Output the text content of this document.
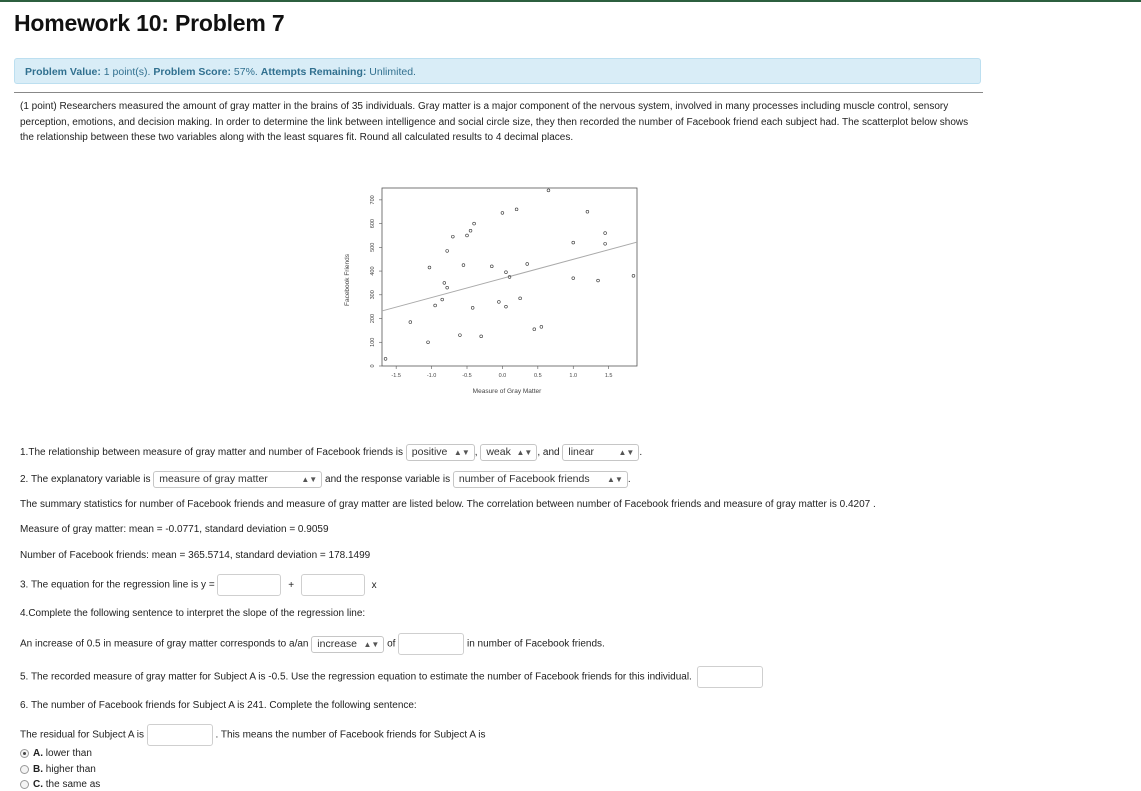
Homework 10: Problem 7
Problem Value: 1 point(s). Problem Score: 57%. Attempts Remaining: Unlimited.
(1 point) Researchers measured the amount of gray matter in the brains of 35 individuals. Gray matter is a major component of the nervous system, involved in many processes including muscle control, sensory perception, emotions, and decision making. In order to determine the link between intelligence and social circle size, they then recorded the number of Facebook friend each subject had. The scatterplot below shows the relationship between these two variables along with the least squares fit. Round all calculated results to 4 decimal places.
Facebook Friends
Measure of Gray Matter
-1.5	-1.0	-0.5	0.0	0.5	1.0	1.5
0
100
200
300
400
500
600
700
1.The relationship between measure of gray matter and number of Facebook friends is positive ▲▼ , weak ▲▼ , and linear	▲▼ .
2. The explanatory variable is measure of gray matter	▲▼ and the response variable is number of Facebook friends ▲▼ .
The summary statistics for number of Facebook friends and measure of gray matter are listed below. The correlation between number of Facebook friends and measure of gray matter is 0.4207 .
Measure of gray matter: mean = -0.0771, standard deviation = 0.9059
Number of Facebook friends: mean = 365.5714, standard deviation = 178.1499
3. The equation for the regression line is y =	+	x
4.Complete the following sentence to interpret the slope of the regression line:
An increase of 0.5 in measure of gray matter corresponds to a/an increase ▲▼ of	in number of Facebook friends.
5. The recorded measure of gray matter for Subject A is -0.5. Use the regression equation to estimate the number of Facebook friends for this individual.
6. The number of Facebook friends for Subject A is 241. Complete the following sentence:
The residual for Subject A is	. This means the number of Facebook friends for Subject A is
A. lower than
B. higher than
C. the same as
